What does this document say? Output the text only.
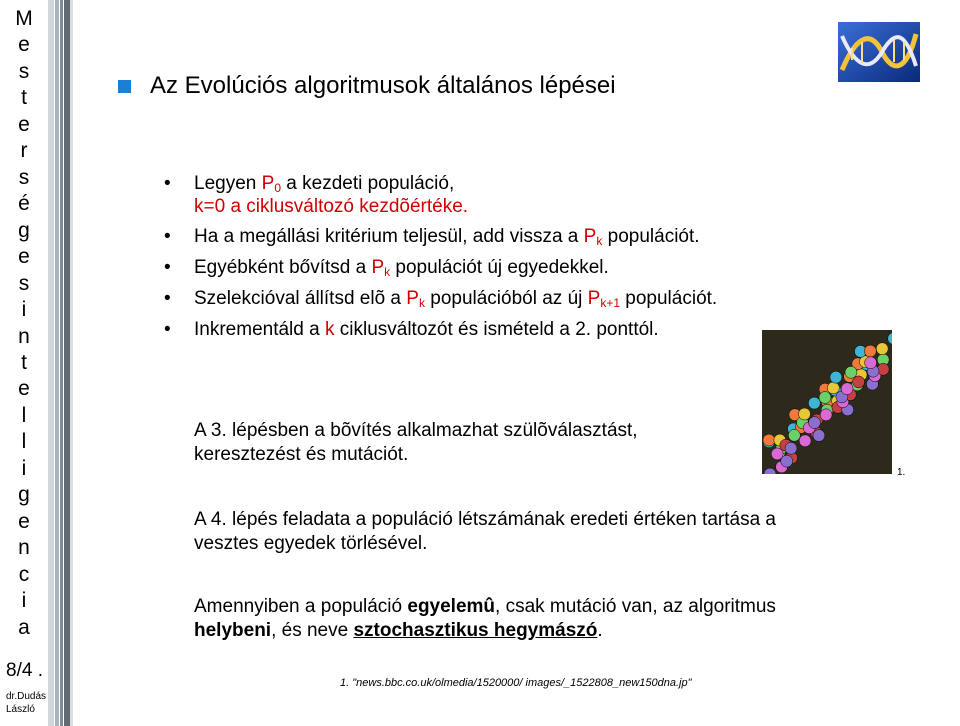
M
e
s
t
e
r
s
é
g
e
s
i
n
t
e
l
l
i
g
e
n
c
i
a
8/4 .
dr.Dudás
László
Az Evolúciós algoritmusok általános lépései
• Legyen $P_0$ a kezdeti populáció,
k=0 a ciklusváltozó kezdõértéke.
• Ha a megállási kritérium teljesül, add vissza a $P_k$ populációt.
• Egyébként bővítsd a $P_k$ populációt új egyedekkel.
• Szelekcióval állítsd elõ a $P_k$ populációból az új $P_{k+1}$ populációt.
• Inkrementáld a k ciklusváltozót és ismételd a 2. ponttól.
A 3. lépésben a bõvítés alkalmazhat szülõválasztást,
keresztezést és mutációt.
A 4. lépés feladata a populáció létszámának eredeti értéken tartása a
vesztes egyedek törlésével.
Amennyiben a populáció egyelemû, csak mutáció van, az algoritmus
helybeni, és neve sztochasztikus hegymászó.
1.
1. "news.bbc.co.uk/olmedia/1520000/ images/_1522808_new150dna.jp"
